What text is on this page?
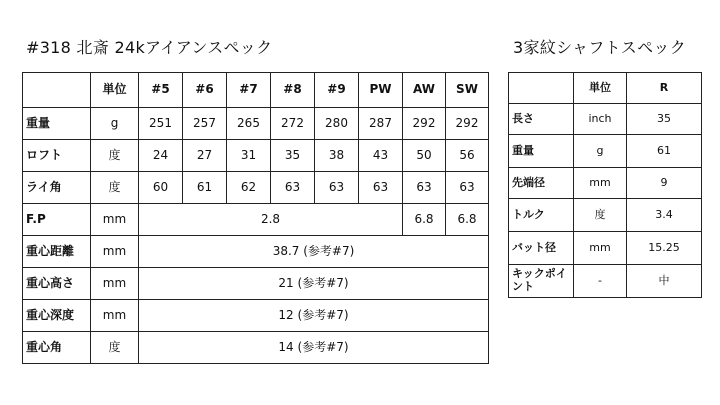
#318 北斎 24kアイアンスペック	3家紋シャフトスペック
	単位	#5	#6	#7	#8	#9	PW	AW	SW
重量	g	251	257	265	272	280	287	292	292
ロフト	度	24	27	31	35	38	43	50	56
ライ角	度	60	61	62	63	63	63	63	63
F.P	mm	2.8						6.8	6.8
重心距離	mm	38.7 (参考#7)							
重心高さ	mm	21 (参考#7)							
重心深度	mm	12 (参考#7)							
重心角	度	14 (参考#7)							
	単位	R
長さ	inch	35
重量	g	61
先端径	mm	9
トルク	度	3.4
バット径	mm	15.25
キックポイント	-	中
